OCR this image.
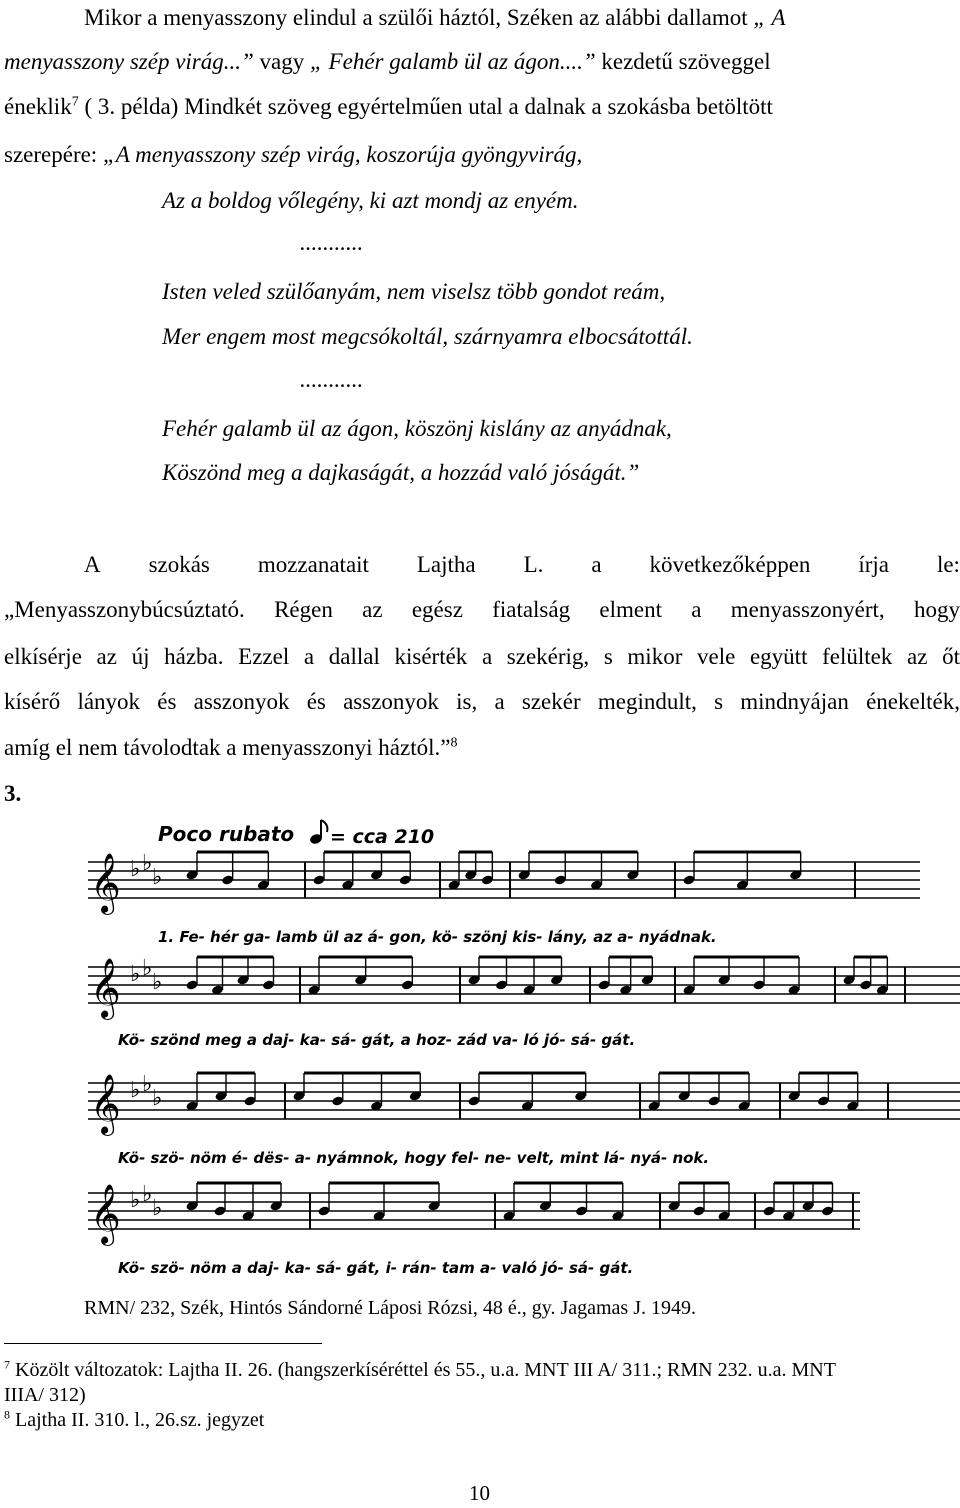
Mikor a menyasszony elindul a szülői háztól, Széken az alábbi dallamot „ A
menyasszony szép virág...” vagy „ Fehér galamb ül az ágon....” kezdetű szöveggel
éneklik$^7$ ( 3. példa) Mindkét szöveg egyértelműen utal a dalnak a szokásba betöltött
szerepére: „A menyasszony szép virág, koszorúja gyöngyvirág,
Az a boldog vőlegény, ki azt mondj az enyém.
...........
Isten veled szülőanyám, nem viselsz több gondot reám,
Mer engem most megcsókoltál, szárnyamra elbocsátottál.
...........
Fehér galamb ül az ágon, köszönj kislány az anyádnak,
Köszönd meg a dajkaságát, a hozzád való jóságát.”
A szokás mozzanatait Lajtha L. a következőképpen írja le:
„Menyasszonybúcsúztató. Régen az egész fiatalság elment a menyasszonyért, hogy
elkísérje az új házba. Ezzel a dallal kisérték a szekérig, s mikor vele együtt felültek az őt
kísérő lányok és asszonyok és asszonyok is, a szekér megindult, s mindnyájan énekelték,
amíg el nem távolodtak a menyasszonyi háztól.”$^8$
3.
Poco rubato = cca 210
𝄞 ♭ ♭
♭
𝄞 ♭ ♭
♭
𝄞 ♭ ♭
♭
𝄞 ♭ ♭
♭
1. Fe- hér ga- lamb ül az á- gon, kö- szönj kis- lány, az a- nyádnak.
Kö- szönd meg a daj- ka- sá- gát, a hoz- zád va- ló jó- sá- gát.
Kö- szö- nöm é- dës- a- nyámnok, hogy fel- ne- velt, mint lá- nyá- nok.
Kö- szö- nöm a daj- ka- sá- gát, i- rán- tam a- való jó- sá- gát.
RMN/ 232, Szék, Hintós Sándorné Láposi Rózsi, 48 é., gy. Jagamas J. 1949.
$^7$ Közölt változatok: Lajtha II. 26. (hangszerkíséréttel és 55., u.a. MNT III A/ 311.; RMN 232. u.a. MNT
IIIA/ 312)
$^8$ Lajtha II. 310. l., 26.sz. jegyzet
10
